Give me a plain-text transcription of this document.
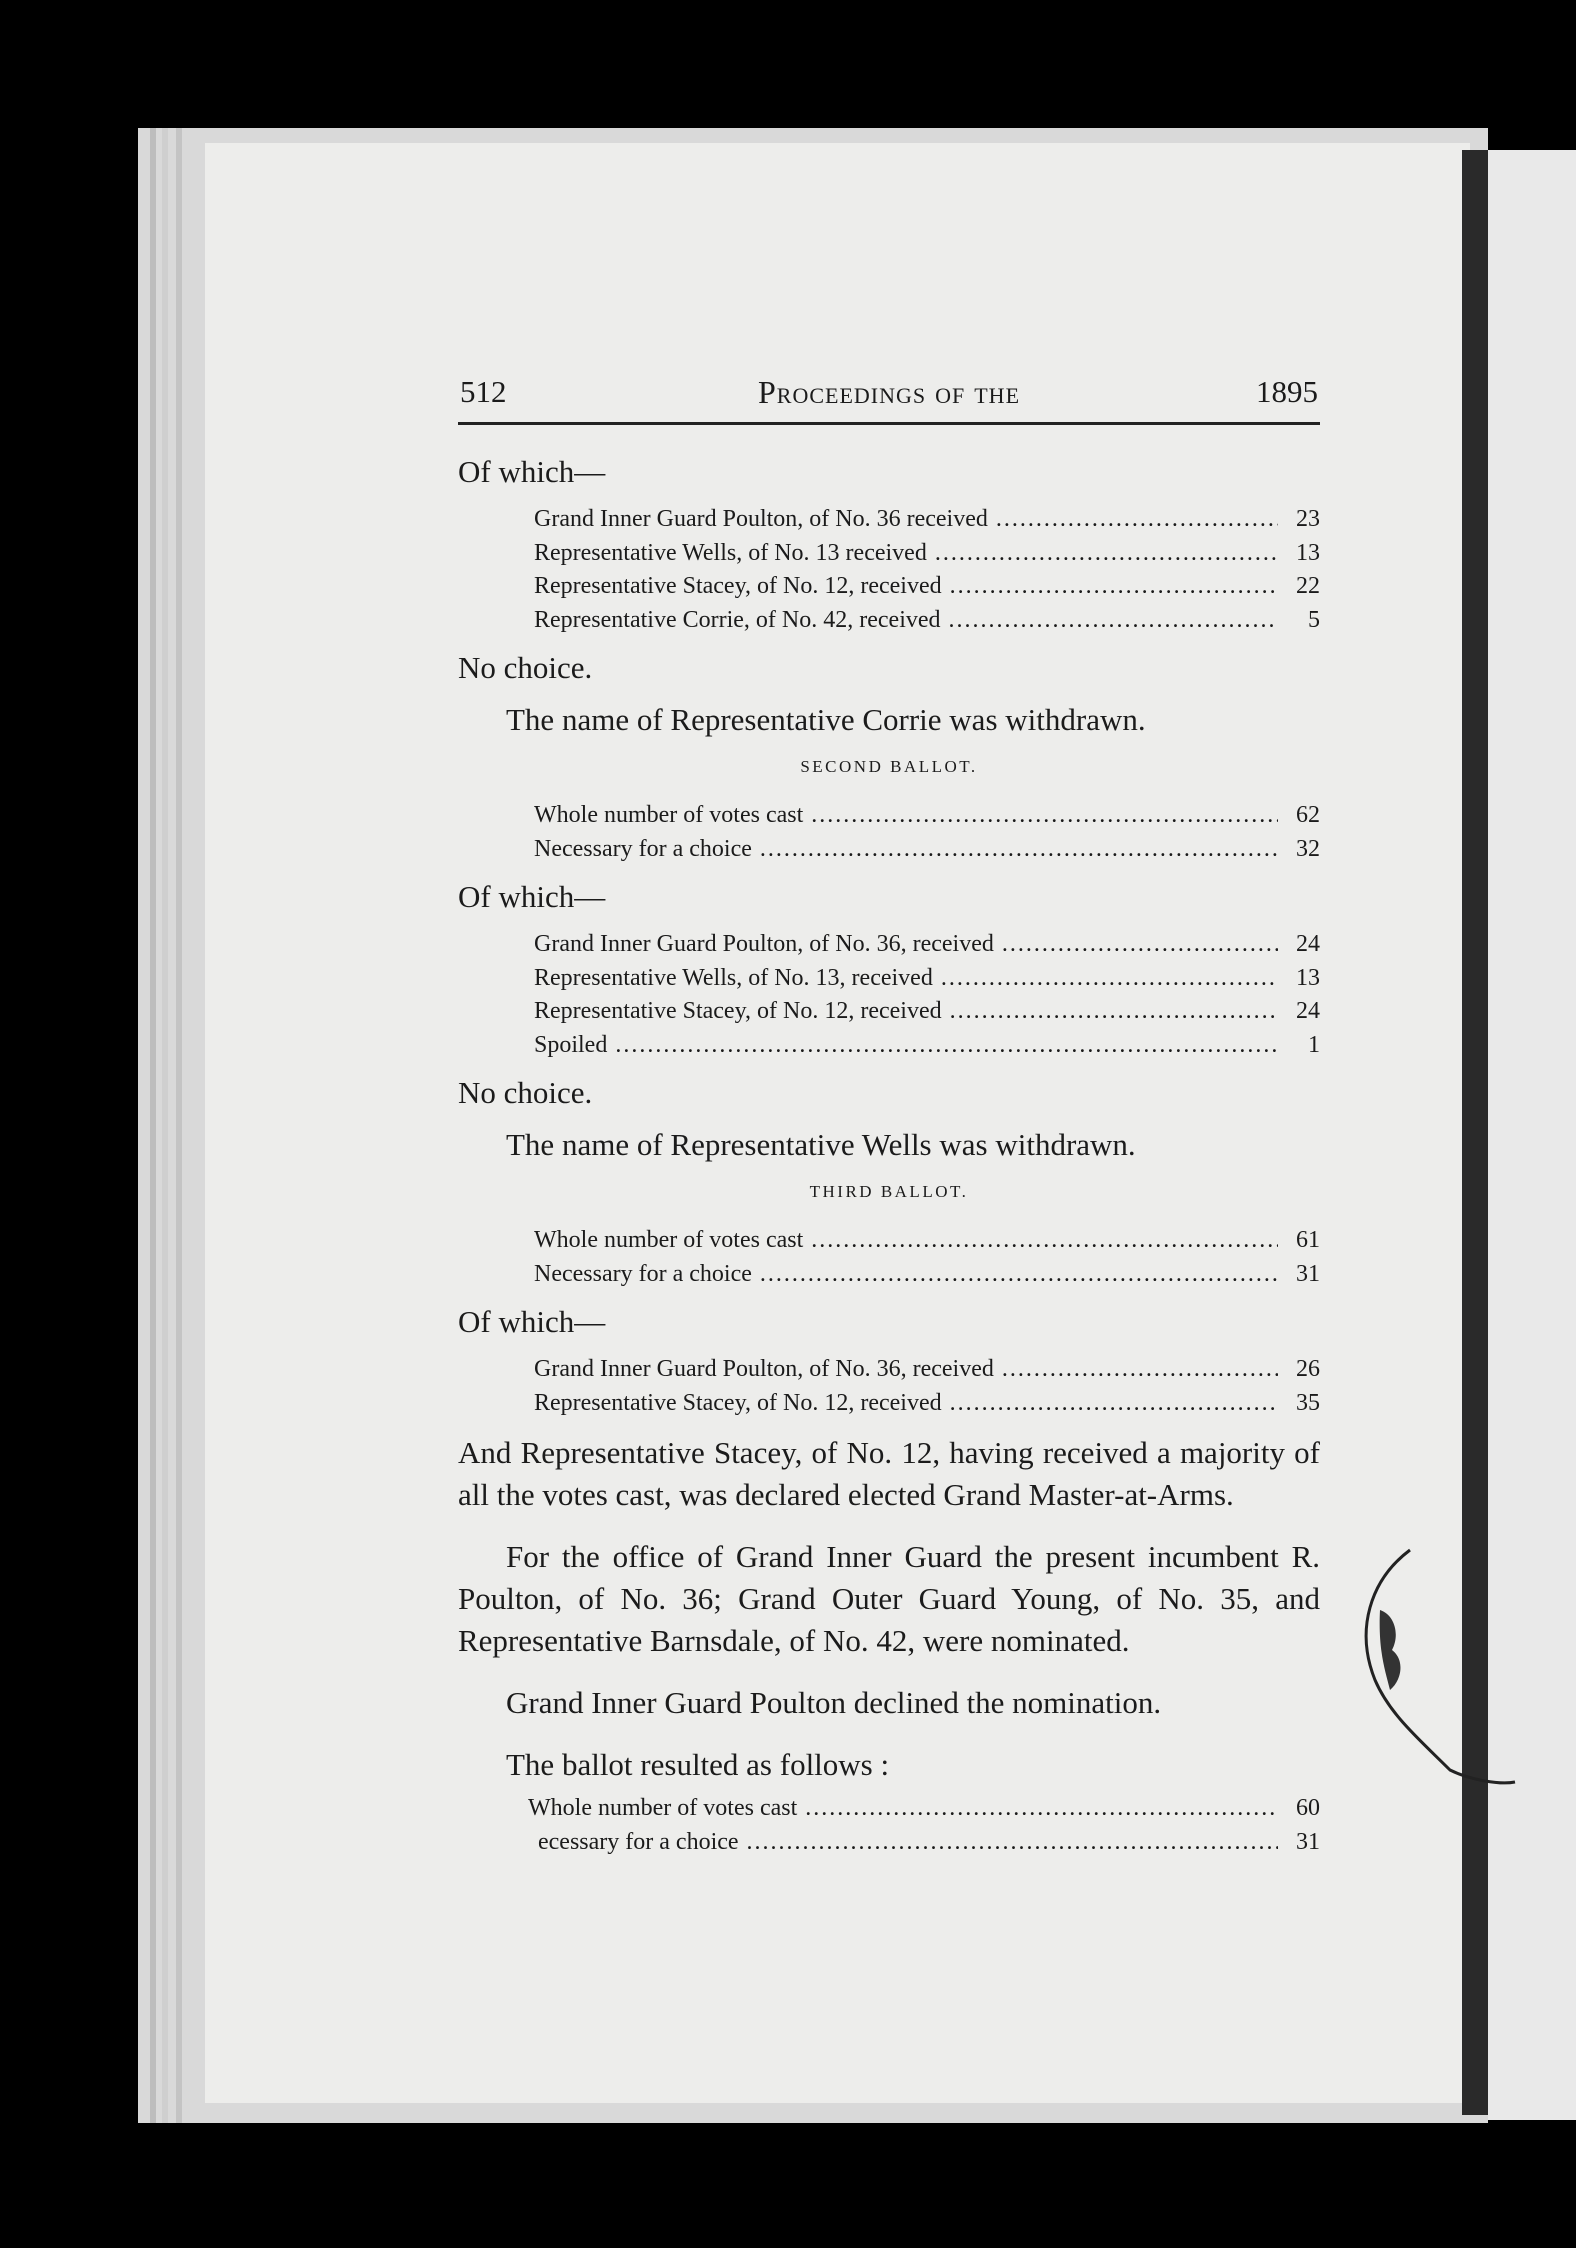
512	Proceedings of the	1895
Of which—
Grand Inner Guard Poulton, of No. 36 received .....	23
Representative Wells, of No. 13 received .....	13
Representative Stacey, of No. 12, received .....	22
Representative Corrie, of No. 42, received .....	5
No choice.
The name of Representative Corrie was withdrawn.
SECOND BALLOT.
Whole number of votes cast .....	62
Necessary for a choice .....	32
Of which—
Grand Inner Guard Poulton, of No. 36, received .....	24
Representative Wells, of No. 13, received .....	13
Representative Stacey, of No. 12, received .....	24
Spoiled .....	1
No choice.
The name of Representative Wells was withdrawn.
THIRD BALLOT.
Whole number of votes cast .....	61
Necessary for a choice .....	31
Of which—
Grand Inner Guard Poulton, of No. 36, received .....	26
Representative Stacey, of No. 12, received .....	35
And Representative Stacey, of No. 12, having received a majority of all the votes cast, was declared elected Grand Master-at-Arms.
For the office of Grand Inner Guard the present incumbent R. Poulton, of No. 36; Grand Outer Guard Young, of No. 35, and Representative Barnsdale, of No. 42, were nominated.
Grand Inner Guard Poulton declined the nomination.
The ballot resulted as follows :
Whole number of votes cast .....	60
ecessary for a choice .....	31
